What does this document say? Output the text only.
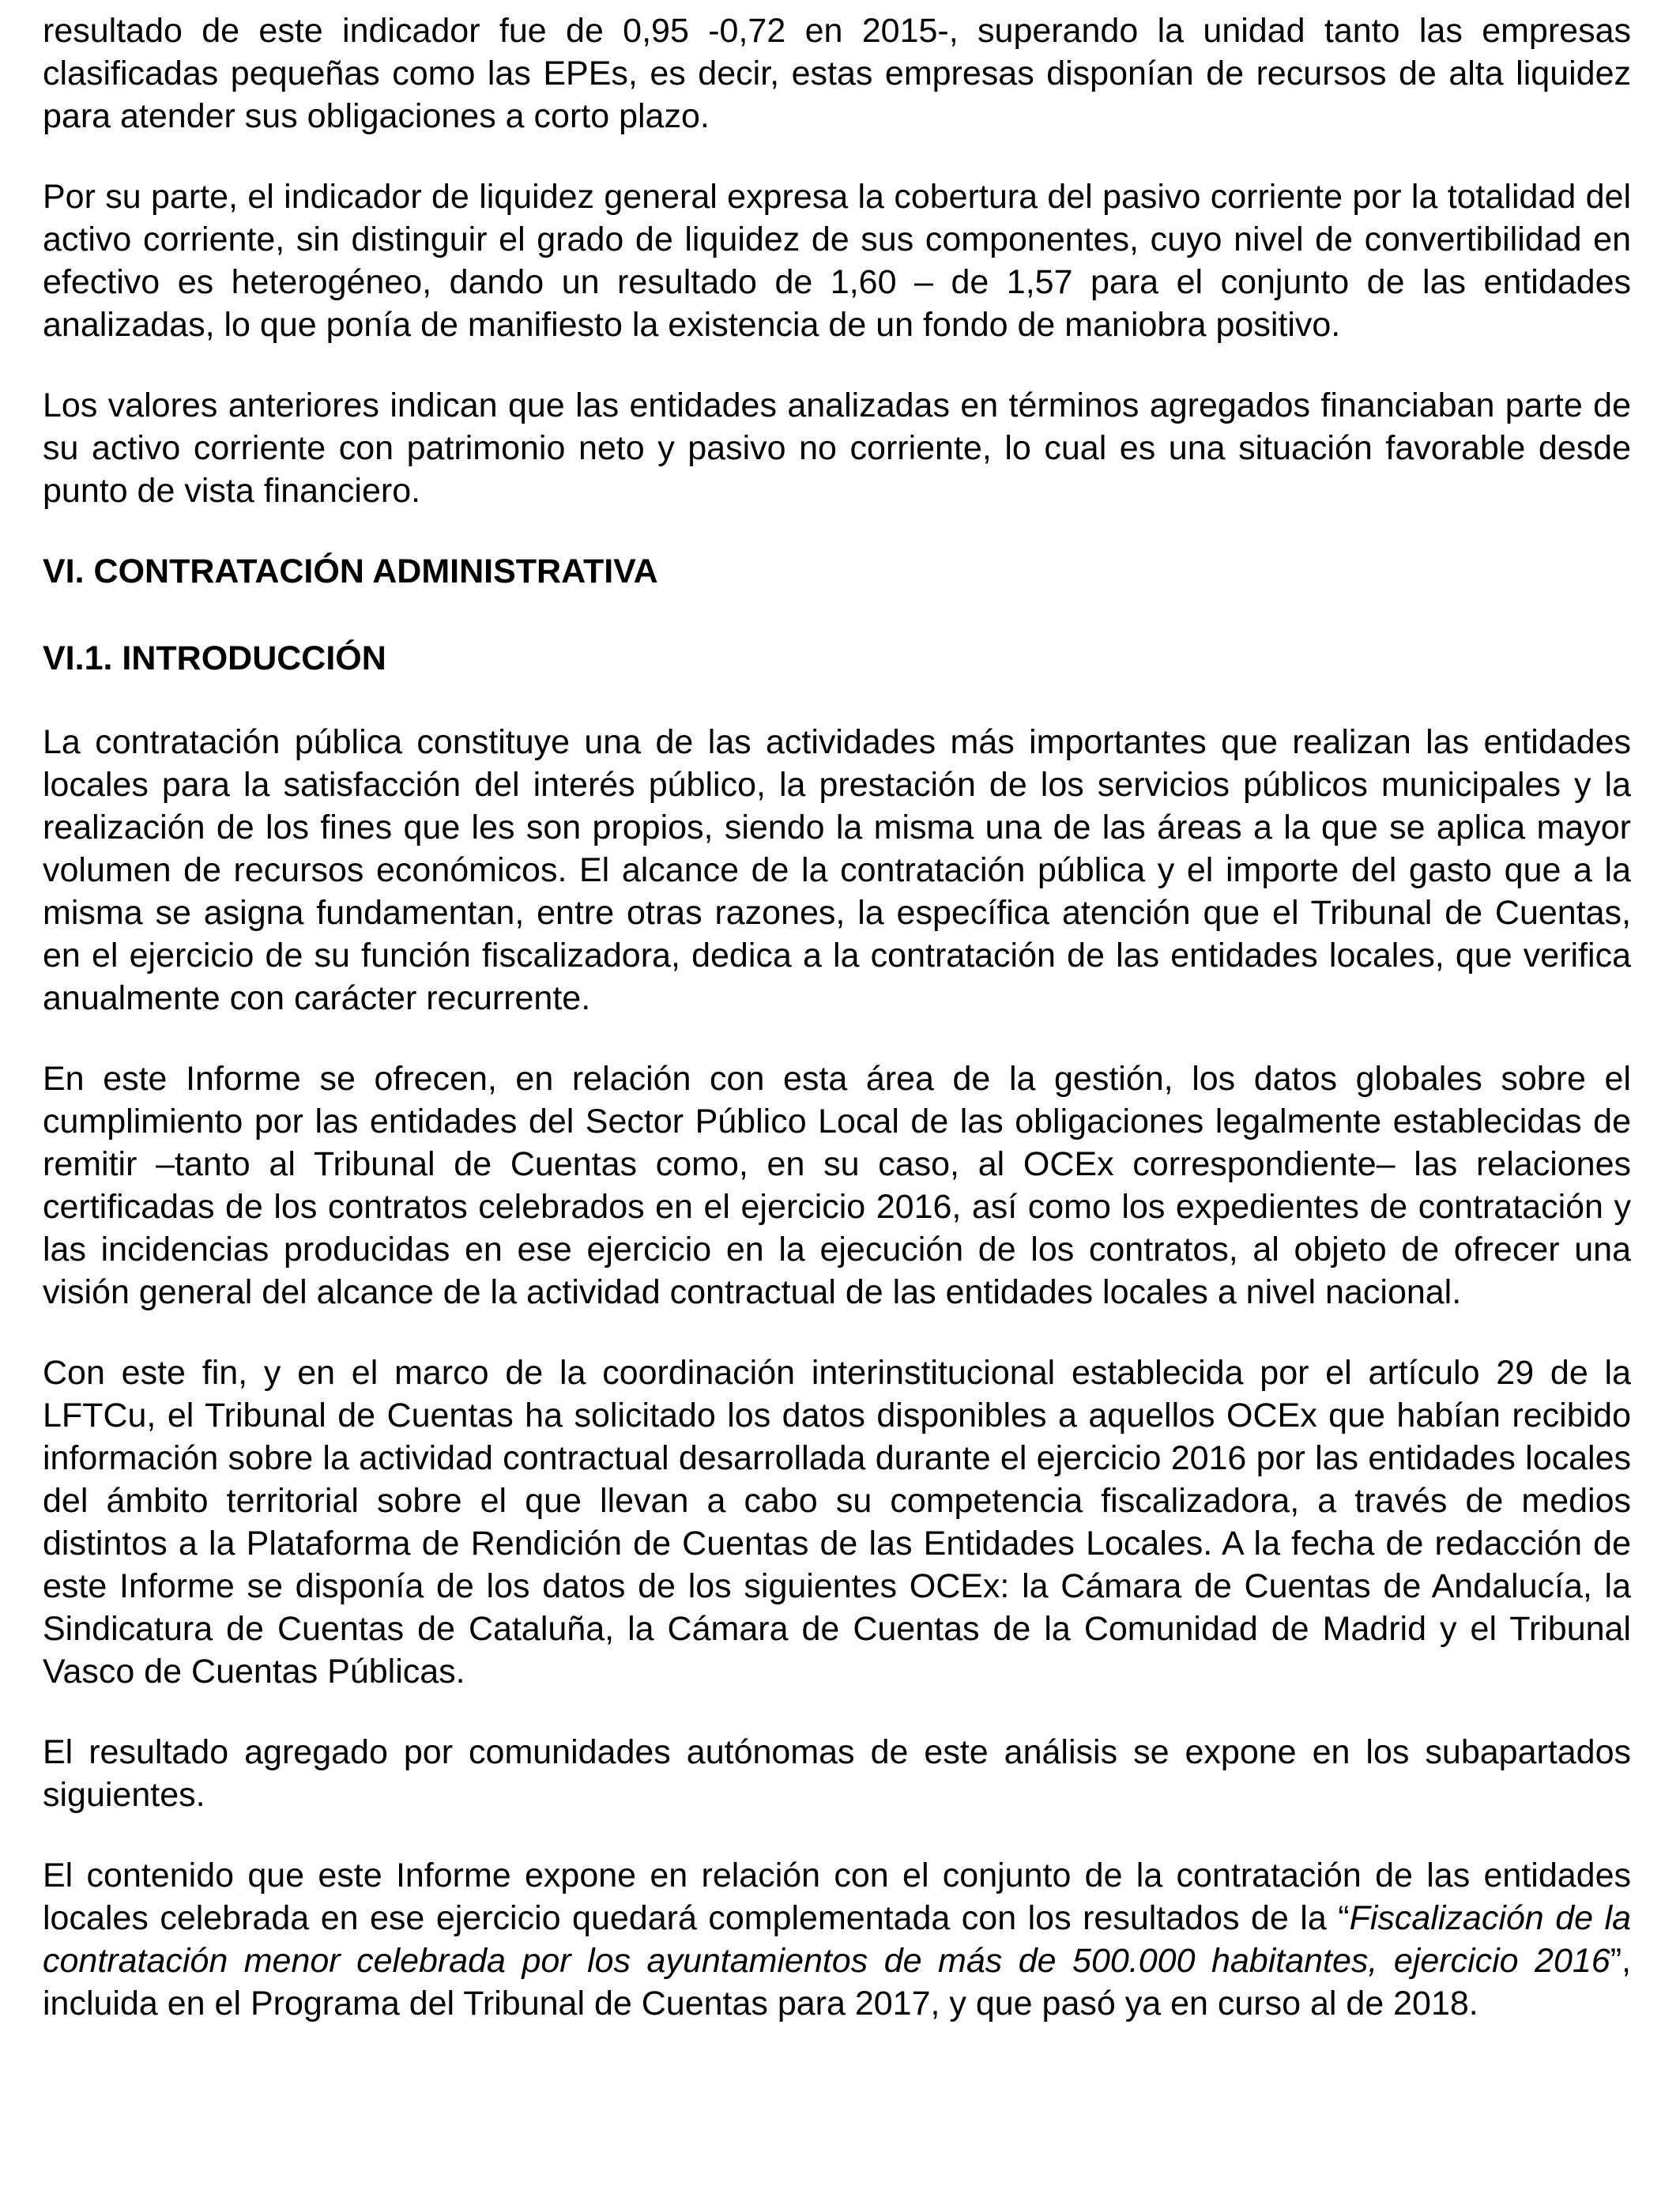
resultado de este indicador fue de 0,95 -0,72 en 2015-, superando la unidad tanto las empresas clasificadas pequeñas como las EPEs, es decir, estas empresas disponían de recursos de alta liquidez para atender sus obligaciones a corto plazo.

Por su parte, el indicador de liquidez general expresa la cobertura del pasivo corriente por la totalidad del activo corriente, sin distinguir el grado de liquidez de sus componentes, cuyo nivel de convertibilidad en efectivo es heterogéneo, dando un resultado de 1,60 – de 1,57 para el conjunto de las entidades analizadas, lo que ponía de manifiesto la existencia de un fondo de maniobra positivo.

Los valores anteriores indican que las entidades analizadas en términos agregados financiaban parte de su activo corriente con patrimonio neto y pasivo no corriente, lo cual es una situación favorable desde punto de vista financiero.

VI. CONTRATACIÓN ADMINISTRATIVA
VI.1. INTRODUCCIÓN

La contratación pública constituye una de las actividades más importantes que realizan las entidades locales para la satisfacción del interés público, la prestación de los servicios públicos municipales y la realización de los fines que les son propios, siendo la misma una de las áreas a la que se aplica mayor volumen de recursos económicos. El alcance de la contratación pública y el importe del gasto que a la misma se asigna fundamentan, entre otras razones, la específica atención que el Tribunal de Cuentas, en el ejercicio de su función fiscalizadora, dedica a la contratación de las entidades locales, que verifica anualmente con carácter recurrente.

En este Informe se ofrecen, en relación con esta área de la gestión, los datos globales sobre el cumplimiento por las entidades del Sector Público Local de las obligaciones legalmente establecidas de remitir –tanto al Tribunal de Cuentas como, en su caso, al OCEx correspondiente– las relaciones certificadas de los contratos celebrados en el ejercicio 2016, así como los expedientes de contratación y las incidencias producidas en ese ejercicio en la ejecución de los contratos, al objeto de ofrecer una visión general del alcance de la actividad contractual de las entidades locales a nivel nacional.

Con este fin, y en el marco de la coordinación interinstitucional establecida por el artículo 29 de la LFTCu, el Tribunal de Cuentas ha solicitado los datos disponibles a aquellos OCEx que habían recibido información sobre la actividad contractual desarrollada durante el ejercicio 2016 por las entidades locales del ámbito territorial sobre el que llevan a cabo su competencia fiscalizadora, a través de medios distintos a la Plataforma de Rendición de Cuentas de las Entidades Locales. A la fecha de redacción de este Informe se disponía de los datos de los siguientes OCEx: la Cámara de Cuentas de Andalucía, la Sindicatura de Cuentas de Cataluña, la Cámara de Cuentas de la Comunidad de Madrid y el Tribunal Vasco de Cuentas Públicas.

El resultado agregado por comunidades autónomas de este análisis se expone en los subapartados siguientes.

El contenido que este Informe expone en relación con el conjunto de la contratación de las entidades locales celebrada en ese ejercicio quedará complementada con los resultados de la “Fiscalización de la contratación menor celebrada por los ayuntamientos de más de 500.000 habitantes, ejercicio 2016”, incluida en el Programa del Tribunal de Cuentas para 2017, y que pasó ya en curso al de 2018.
